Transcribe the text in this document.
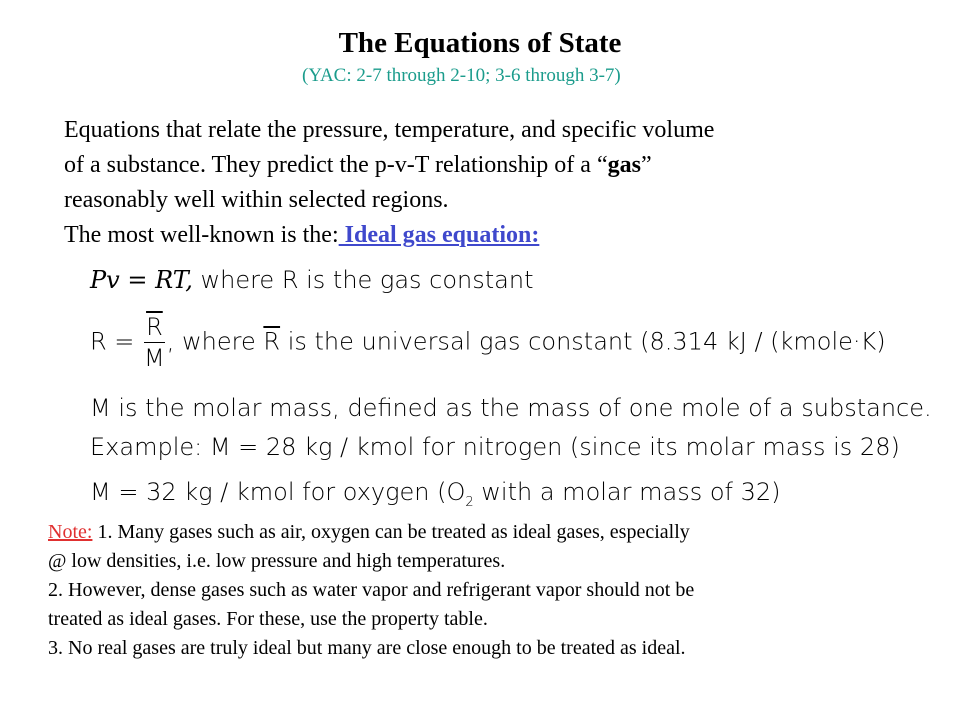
The Equations of State
(YAC: 2-7 through 2-10; 3-6 through 3-7)
Equations that relate the pressure, temperature, and specific volume
of a substance. They predict the p-v-T relationship of a “gas”
reasonably well within selected regions.
The most well-known is the: Ideal gas equation:
Pv = RT, where R is the gas constant
$R = \frac{\overline{R}}{M}$ , where $\overline{R}$ is the universal gas constant (8.314 kJ / (kmole·K)
M is the molar mass, defined as the mass of one mole of a substance.
Example: M = 28 kg / kmol for nitrogen (since its molar mass is 28)
M = 32 kg / kmol for oxygen ($O_2$ with a molar mass of 32)
Note: 1. Many gases such as air, oxygen can be treated as ideal gases, especially
@ low densities, i.e. low pressure and high temperatures.
2. However, dense gases such as water vapor and refrigerant vapor should not be
treated as ideal gases. For these, use the property table.
3. No real gases are truly ideal but many are close enough to be treated as ideal.
